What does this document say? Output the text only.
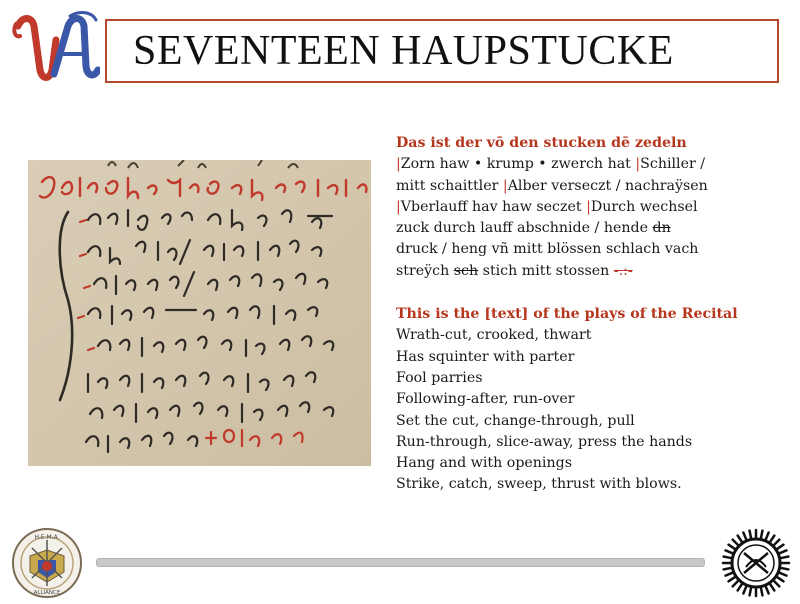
SEVENTEEN HAUPSTUCKE
Das ist der vō den stucken dē zedeln
|Zorn haw • krump • zwerch hat |Schiller /
mitt schaittler |Alber verseczt / nachraÿsen
|Vberlauff hav haw seczet |Durch wechsel
zuck durch lauff abschnide / hende dn
druck / heng vñ mitt blössen schlach vach
streÿch sch stich mitt stossen -.:-
This is the [text] of the plays of the Recital
Wrath-cut, crooked, thwart
Has squinter with parter
Fool parries
Following-after, run-over
Set the cut, change-through, pull
Run-through, slice-away, press the hands
Hang and with openings
Strike, catch, sweep, thrust with blows.
H.E.M.A.
ALLIANCE
